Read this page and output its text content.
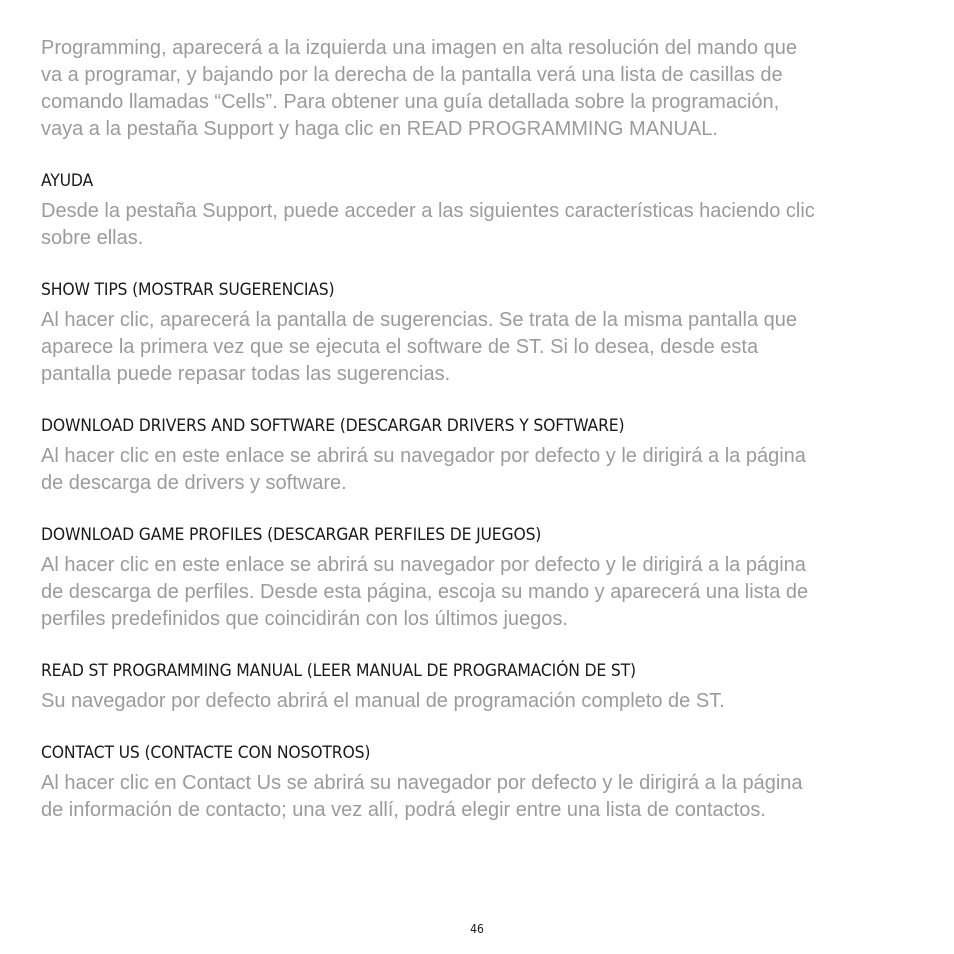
Programming, aparecerá a la izquierda una imagen en alta resolución del mando que
va a programar, y bajando por la derecha de la pantalla verá una lista de casillas de
comando llamadas “Cells”. Para obtener una guía detallada sobre la programación,
vaya a la pestaña Support y haga clic en READ PROGRAMMING MANUAL.

AYUDA

Desde la pestaña Support, puede acceder a las siguientes características haciendo clic
sobre ellas.

SHOW TIPS (MOSTRAR SUGERENCIAS)

Al hacer clic, aparecerá la pantalla de sugerencias. Se trata de la misma pantalla que
aparece la primera vez que se ejecuta el software de ST. Si lo desea, desde esta
pantalla puede repasar todas las sugerencias.

DOWNLOAD DRIVERS AND SOFTWARE (DESCARGAR DRIVERS Y SOFTWARE)

Al hacer clic en este enlace se abrirá su navegador por defecto y le dirigirá a la página
de descarga de drivers y software.

DOWNLOAD GAME PROFILES (DESCARGAR PERFILES DE JUEGOS)

Al hacer clic en este enlace se abrirá su navegador por defecto y le dirigirá a la página
de descarga de perfiles. Desde esta página, escoja su mando y aparecerá una lista de
perfiles predefinidos que coincidirán con los últimos juegos.

READ ST PROGRAMMING MANUAL (LEER MANUAL DE PROGRAMACIÓN DE ST)

Su navegador por defecto abrirá el manual de programación completo de ST.

CONTACT US (CONTACTE CON NOSOTROS)

Al hacer clic en Contact Us se abrirá su navegador por defecto y le dirigirá a la página
de información de contacto; una vez allí, podrá elegir entre una lista de contactos.

46
